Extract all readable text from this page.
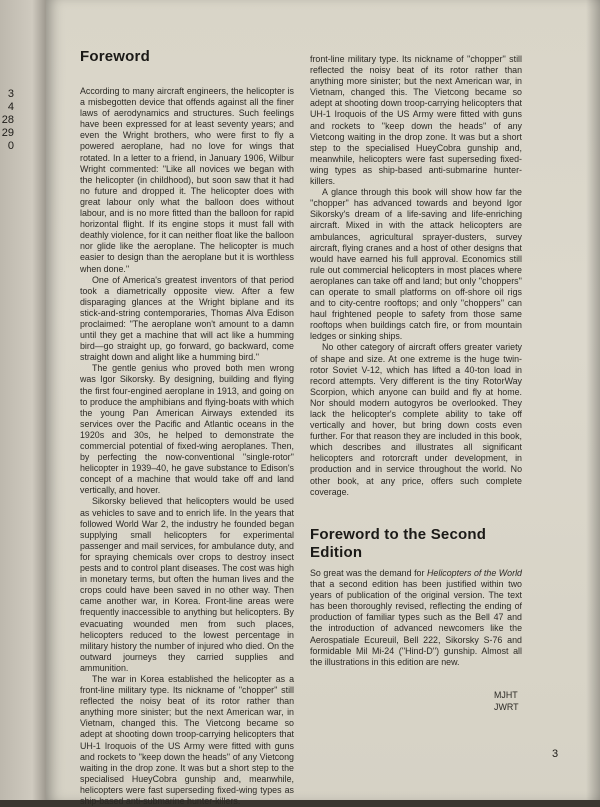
3
4
28
29
0
Foreword

According to many aircraft engineers, the helicopter is a misbegotten device that offends against all the finer laws of aerodynamics and structures. Such feelings have been expressed for at least seventy years; and even the Wright brothers, who were first to fly a powered aeroplane, had no love for wings that rotated. In a letter to a friend, in January 1906, Wilbur Wright commented: ''Like all novices we began with the helicopter (in childhood), but soon saw that it had no future and dropped it. The helicopter does with great labour only what the balloon does without labour, and is no more fitted than the balloon for rapid horizontal flight. If its engine stops it must fall with deathly violence, for it can neither float like the balloon nor glide like the aeroplane. The helicopter is much easier to design than the aeroplane but it is worthless when done.''

One of America's greatest inventors of that period took a diametrically opposite view. After a few disparaging glances at the Wright biplane and its stick-and-string contemporaries, Thomas Alva Edison proclaimed: ''The aeroplane won't amount to a damn until they get a machine that will act like a humming bird—go straight up, go forward, go backward, come straight down and alight like a humming bird.''

The gentle genius who proved both men wrong was Igor Sikorsky. By designing, building and flying the first four-engined aeroplane in 1913, and going on to produce the amphibians and flying-boats with which the young Pan American Airways extended its services over the Pacific and Atlantic oceans in the 1920s and 30s, he helped to demonstrate the commercial potential of fixed-wing aeroplanes. Then, by perfecting the now-conventional ''single-rotor'' helicopter in 1939–40, he gave substance to Edison's concept of a machine that would take off and land vertically, and hover.

Sikorsky believed that helicopters would be used as vehicles to save and to enrich life. In the years that followed World War 2, the industry he founded began supplying small helicopters for experimental passenger and mail services, for ambulance duty, and for spraying chemicals over crops to destroy insect pests and to control plant diseases. The cost was high in monetary terms, but often the human lives and the crops could have been saved in no other way. Then came another war, in Korea. Front-line areas were frequently inaccessible to anything but helicopters. By evacuating wounded men from such places, helicopters reduced to the lowest percentage in military history the number of injured who died. On the outward journeys they carried supplies and ammunition.

The war in Korea established the helicopter as a front-line military type. Its nickname of ''chopper'' still reflected the noisy beat of its rotor rather than anything more sinister; but the next American war, in Vietnam, changed this. The Vietcong became so adept at shooting down troop-carrying helicopters that UH-1 Iroquois of the US Army were fitted with guns and rockets to ''keep down the heads'' of any Vietcong waiting in the drop zone. It was but a short step to the specialised HueyCobra gunship and, meanwhile, helicopters were fast superseding fixed-wing types as ship-based anti-submarine hunter-killers.

front-line military type. Its nickname of ''chopper'' still reflected the noisy beat of its rotor rather than anything more sinister; but the next American war, in Vietnam, changed this. The Vietcong became so adept at shooting down troop-carrying helicopters that UH-1 Iroquois of the US Army were fitted with guns and rockets to ''keep down the heads'' of any Vietcong waiting in the drop zone. It was but a short step to the specialised HueyCobra gunship and, meanwhile, helicopters were fast superseding fixed-wing types as ship-based anti-submarine hunter-killers.

A glance through this book will show how far the ''chopper'' has advanced towards and beyond Igor Sikorsky's dream of a life-saving and life-enriching aircraft. Mixed in with the attack helicopters are ambulances, agricultural sprayer-dusters, survey aircraft, flying cranes and a host of other designs that would have earned his full approval. Economics still rule out commercial helicopters in most places where aeroplanes can take off and land; but only ''choppers'' can operate to small platforms on off-shore oil rigs and to city-centre rooftops; and only ''choppers'' can haul frightened people to safety from those same rooftops when buildings catch fire, or from mountain ledges or sinking ships.

No other category of aircraft offers greater variety of shape and size. At one extreme is the huge twin-rotor Soviet V-12, which has lifted a 40-ton load in record attempts. Very different is the tiny RotorWay Scorpion, which anyone can build and fly at home. Nor should modern autogyros be overlooked. They lack the helicopter's complete ability to take off vertically and hover, but bring down costs even further. For that reason they are included in this book, which describes and illustrates all significant helicopters and rotorcraft under development, in production and in service throughout the world. No other book, at any price, offers such complete coverage.

Foreword to the Second Edition

So great was the demand for Helicopters of the World that a second edition has been justified within two years of publication of the original version. The text has been thoroughly revised, reflecting the ending of production of familiar types such as the Bell 47 and the introduction of advanced newcomers like the Aerospatiale Ecureuil, Bell 222, Sikorsky S-76 and formidable Mil Mi-24 (''Hind-D'') gunship. Almost all the illustrations in this edition are new.

MJHT
JWRT
3
